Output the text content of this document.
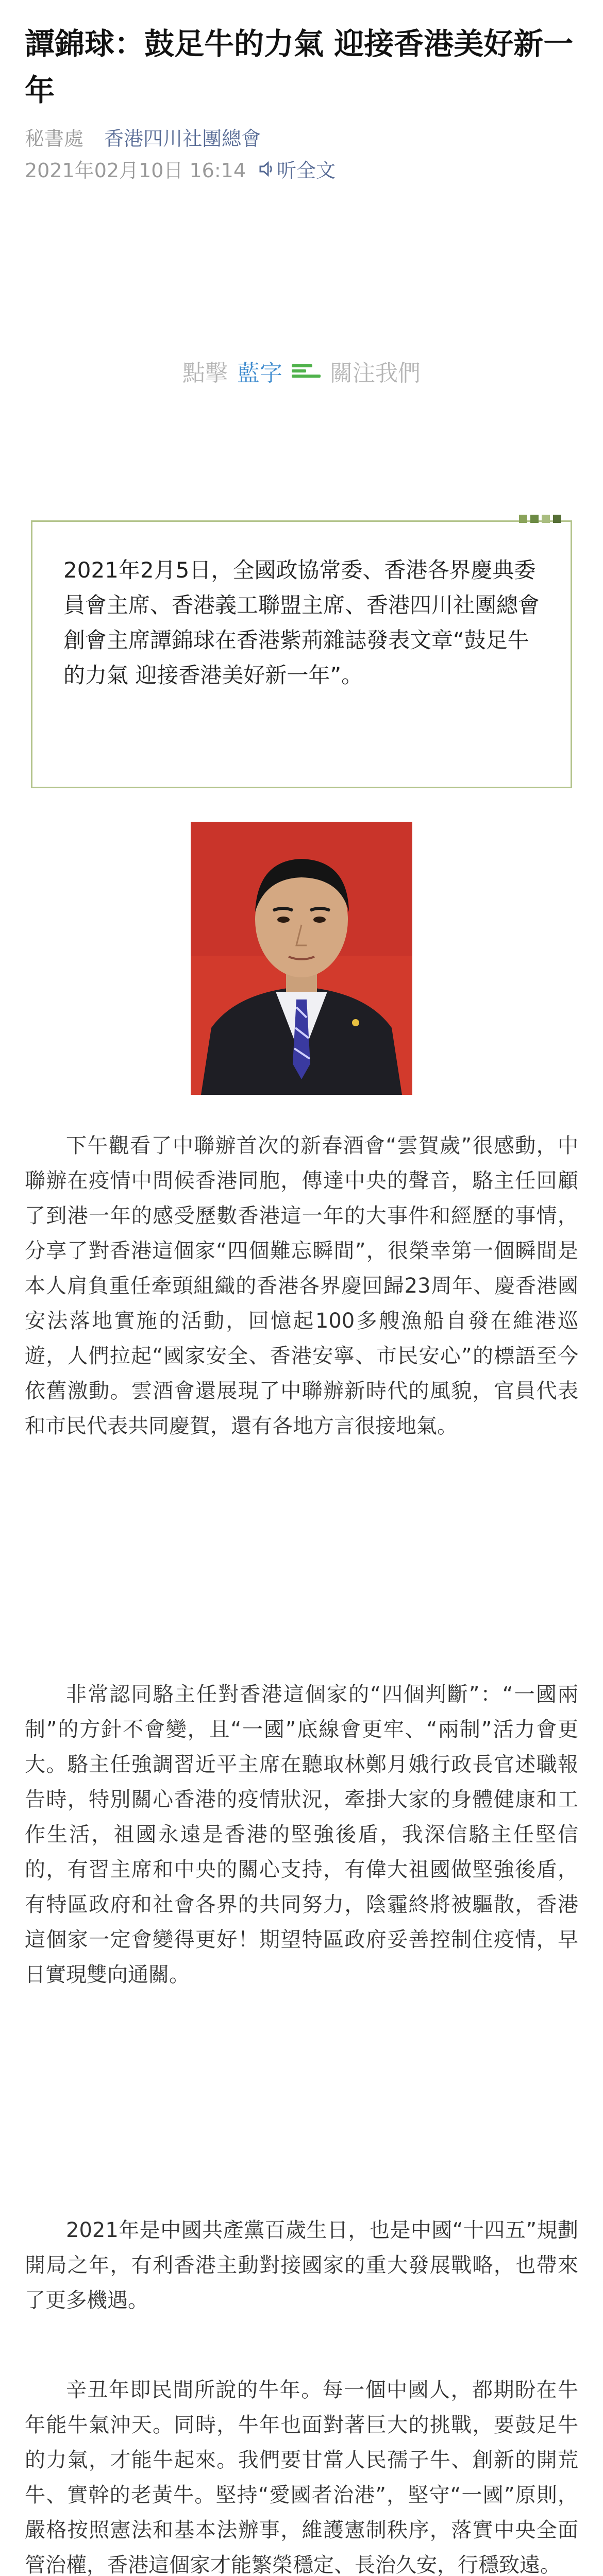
譚錦球：鼓足牛的力氣 迎接香港美好新一年
秘書處 香港四川社團總會
2021年02月10日 16:14 听全文
點擊 藍字 關注我們

2021年2月5日，全國政協常委、香港各界慶典委員會主席、香港義工聯盟主席、香港四川社團總會創會主席譚錦球在香港紫荊雜誌發表文章“鼓足牛的力氣 迎接香港美好新一年”。

下午觀看了中聯辦首次的新春酒會“雲賀歲”很感動，中聯辦在疫情中問候香港同胞，傳達中央的聲音，駱主任回顧了到港一年的感受歷數香港這一年的大事件和經歷的事情，分享了對香港這個家“四個難忘瞬間”，很榮幸第一個瞬間是本人肩負重任牽頭組織的香港各界慶回歸23周年、慶香港國安法落地實施的活動，回憶起100多艘漁船自發在維港巡遊，人們拉起“國家安全、香港安寧、市民安心”的標語至今依舊激動。雲酒會還展現了中聯辦新時代的風貌，官員代表和市民代表共同慶賀，還有各地方言很接地氣。

非常認同駱主任對香港這個家的“四個判斷”：“一國兩制”的方針不會變，且“一國”底線會更牢、“兩制”活力會更大。駱主任強調習近平主席在聽取林鄭月娥行政長官述職報告時，特別關心香港的疫情狀況，牽掛大家的身體健康和工作生活，祖國永遠是香港的堅強後盾，我深信駱主任堅信的，有習主席和中央的關心支持，有偉大祖國做堅強後盾，有特區政府和社會各界的共同努力，陰霾終將被驅散，香港這個家一定會變得更好！期望特區政府妥善控制住疫情，早日實現雙向通關。

2021年是中國共產黨百歲生日，也是中國“十四五”規劃開局之年，有利香港主動對接國家的重大發展戰略，也帶來了更多機遇。

辛丑年即民間所說的牛年。每一個中國人，都期盼在牛年能牛氣沖天。同時，牛年也面對著巨大的挑戰，要鼓足牛的力氣，才能牛起來。我們要甘當人民孺子牛、創新的開荒牛、實幹的老黃牛。堅持“愛國者治港”，堅守“一國”原則，嚴格按照憲法和基本法辦事，維護憲制秩序，落實中央全面管治權，香港這個家才能繁榮穩定、長治久安，行穩致遠。
